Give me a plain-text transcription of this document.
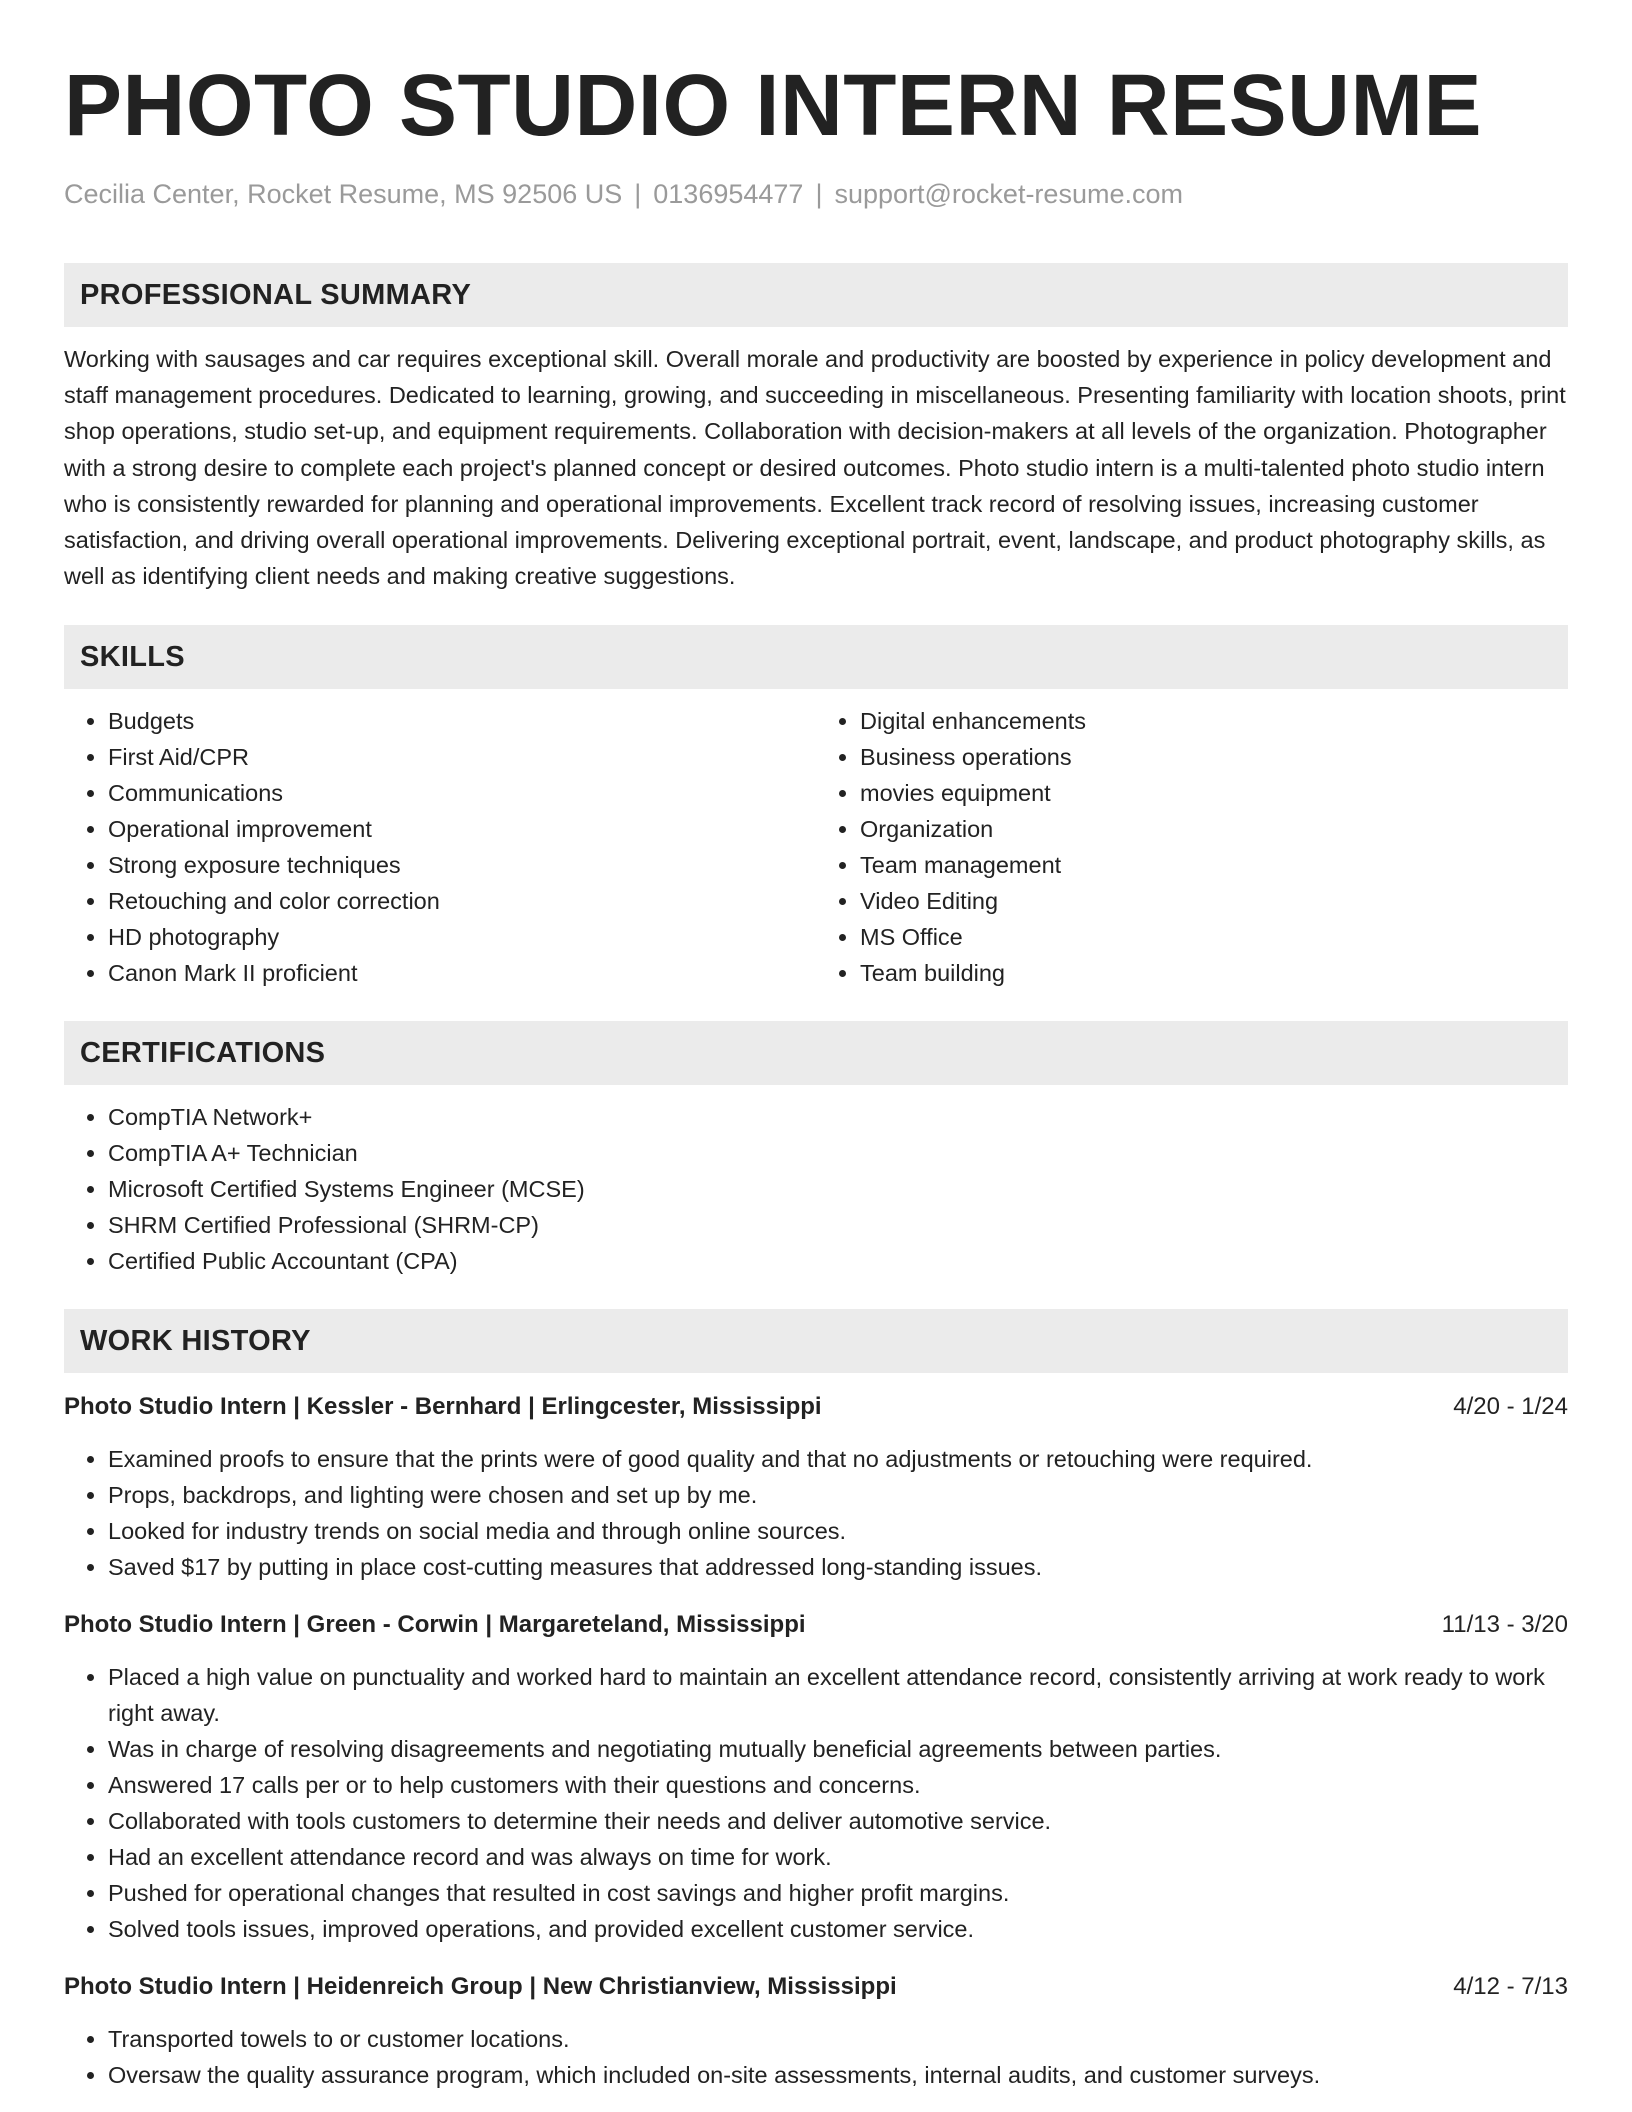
PHOTO STUDIO INTERN RESUME
Cecilia Center, Rocket Resume, MS 92506 US | 0136954477 | support@rocket-resume.com
PROFESSIONAL SUMMARY

Working with sausages and car requires exceptional skill. Overall morale and productivity are boosted by experience in policy development and staff management procedures. Dedicated to learning, growing, and succeeding in miscellaneous. Presenting familiarity with location shoots, print shop operations, studio set-up, and equipment requirements. Collaboration with decision-makers at all levels of the organization. Photographer with a strong desire to complete each project's planned concept or desired outcomes. Photo studio intern is a multi-talented photo studio intern who is consistently rewarded for planning and operational improvements. Excellent track record of resolving issues, increasing customer satisfaction, and driving overall operational improvements. Delivering exceptional portrait, event, landscape, and product photography skills, as well as identifying client needs and making creative suggestions.

SKILLS
• Budgets
• First Aid/CPR
• Communications
• Operational improvement
• Strong exposure techniques
• Retouching and color correction
• HD photography
• Canon Mark II proficient
• Digital enhancements
• Business operations
• movies equipment
• Organization
• Team management
• Video Editing
• MS Office
• Team building
CERTIFICATIONS
• CompTIA Network+
• CompTIA A+ Technician
• Microsoft Certified Systems Engineer (MCSE)
• SHRM Certified Professional (SHRM-CP)
• Certified Public Accountant (CPA)
WORK HISTORY
Photo Studio Intern | Kessler - Bernhard | Erlingcester, Mississippi	4/20 - 1/24
• Examined proofs to ensure that the prints were of good quality and that no adjustments or retouching were required.
• Props, backdrops, and lighting were chosen and set up by me.
• Looked for industry trends on social media and through online sources.
• Saved $17 by putting in place cost-cutting measures that addressed long-standing issues.
Photo Studio Intern | Green - Corwin | Margareteland, Mississippi	11/13 - 3/20
• Placed a high value on punctuality and worked hard to maintain an excellent attendance record, consistently arriving at work ready to work right away.
• Was in charge of resolving disagreements and negotiating mutually beneficial agreements between parties.
• Answered 17 calls per or to help customers with their questions and concerns.
• Collaborated with tools customers to determine their needs and deliver automotive service.
• Had an excellent attendance record and was always on time for work.
• Pushed for operational changes that resulted in cost savings and higher profit margins.
• Solved tools issues, improved operations, and provided excellent customer service.
Photo Studio Intern | Heidenreich Group | New Christianview, Mississippi	4/12 - 7/13
• Transported towels to or customer locations.
• Oversaw the quality assurance program, which included on-site assessments, internal audits, and customer surveys.
